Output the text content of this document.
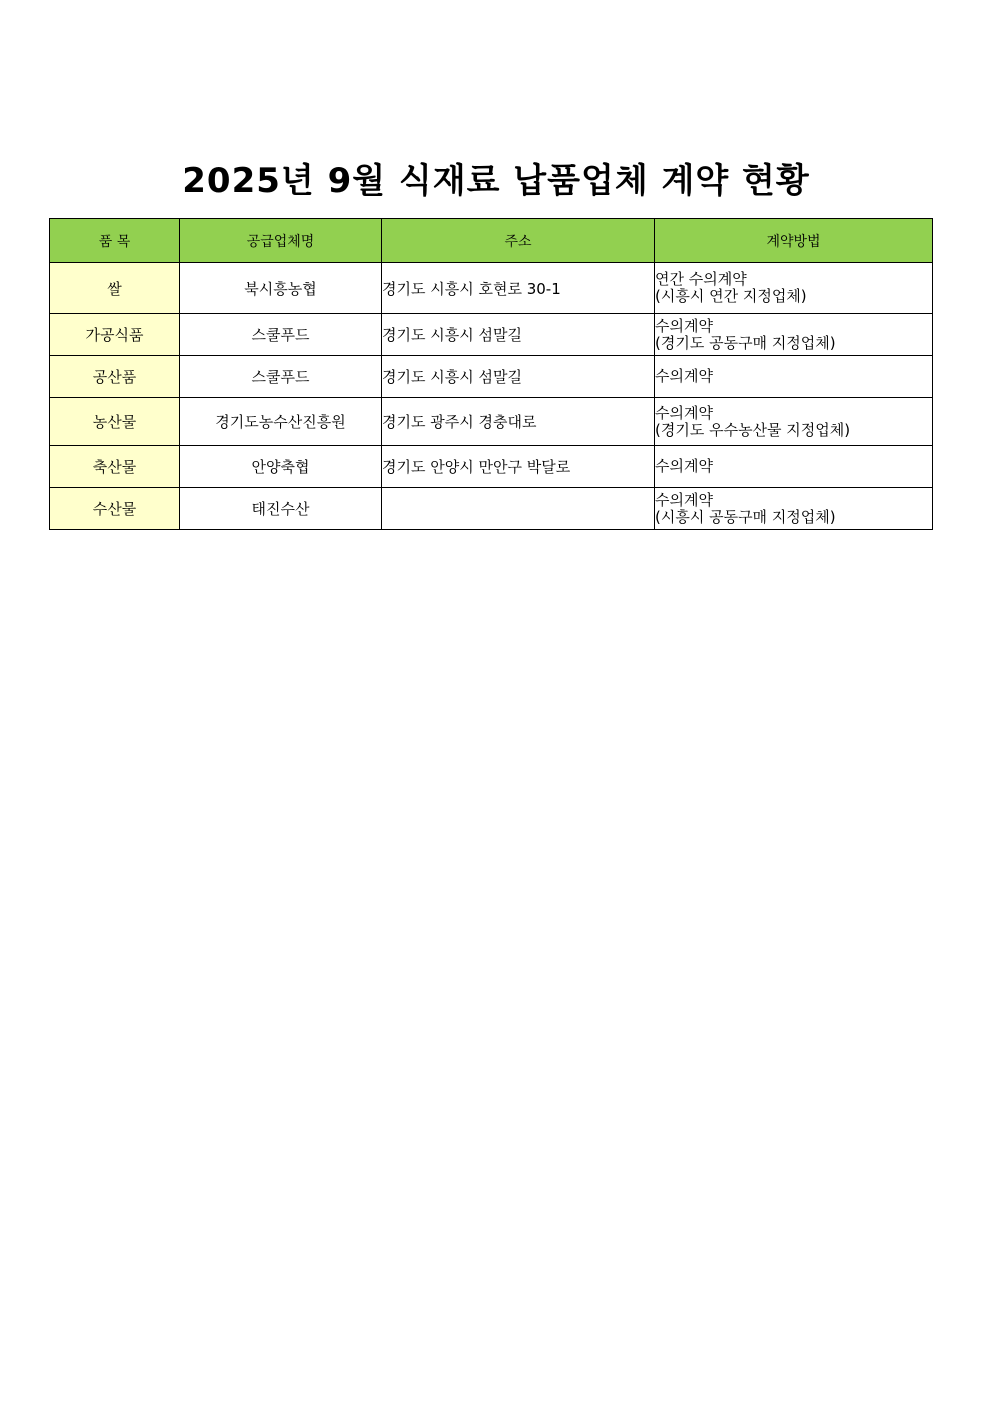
2025년 9월 식재료 납품업체 계약 현황
품 목	공급업체명	주소	계약방법
쌀	북시흥농협	경기도 시흥시 호현로 30-1	연간 수의계약
(시흥시 연간 지정업체)

가공식품	스쿨푸드	경기도 시흥시 섬말길	수의계약
(경기도 공동구매 지정업체)

공산품	스쿨푸드	경기도 시흥시 섬말길	수의계약

농산물	경기도농수산진흥원	경기도 광주시 경충대로	수의계약
(경기도 우수농산물 지정업체)

축산물	안양축협	경기도 안양시 만안구 박달로	수의계약

수산물	태진수산		수의계약
(시흥시 공동구매 지정업체)
